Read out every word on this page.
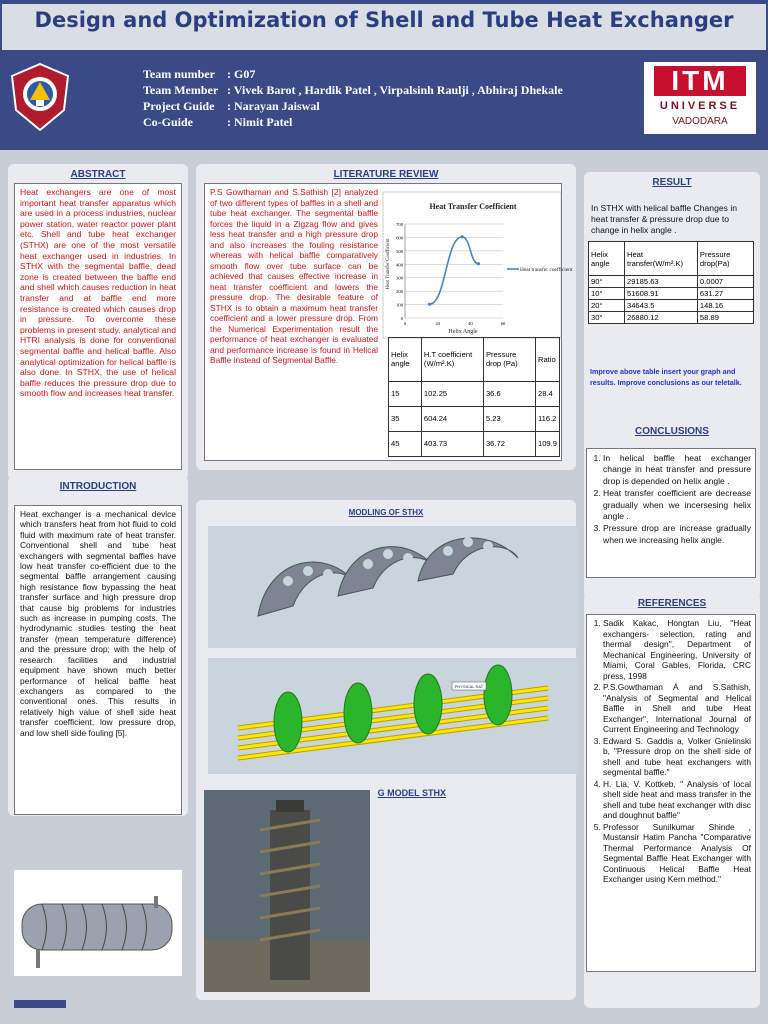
Design and Optimization of Shell and Tube Heat Exchanger
Team number : G07
Team Member : Vivek Barot , Hardik Patel , Virpalsinh Raulji , Abhiraj Dhekale
Project Guide : Narayan Jaiswal
Co-Guide	: Nimit Patel
ITM
UNIVERSE
VADODARA
ABSTRACT
Heat exchangers are one of most important heat transfer apparatus which are used in a process industries, nuclear power station, water reactor power plant etc. Shell and tube heat exchanger (STHX) are one of the most versatile heat exchanger used in industries. In STHX with the segmental baffle, dead zone is created between the baffle end and shell which causes reduction in heat transfer and at baffle end more resistance is created which causes drop in pressure. To overcome these problems in present study, analytical and HTRI analysis is done for conventional segmental baffle and helical baffle. Also analytical optimization for helical baffle is also done. In STHX, the use of helical baffle reduces the pressure drop due to smooth flow and increases heat transfer.
INTRODUCTION
Heat exchanger is a mechanical device which transfers heat from hot fluid to cold fluid with maximum rate of heat transfer. Conventional shell and tube heat exchangers with segmental baffles have low heat transfer co-efficient due to the segmental baffle arrangement causing high resistance flow bypassing the heat transfer surface and high pressure drop that cause big problems for industries such as increase in pumping costs. The hydrodynamic studies testing the heat transfer (mean temperature difference) and the pressure drop; with the help of research facilities and industrial equipment have shown much better performance of helical baffle heat exchangers as compared to the conventional ones. This results in relatively high value of shell side heat transfer coefficient, low pressure drop, and low shell side fouling [5].
LITERATURE REVIEW
P.S Gowthaman and S.Sathish [2] analyzed of two different types of baffles in a shell and tube heat exchanger. The segmental baffle forces the liquid in a Zigzag flow and gives less heat transfer and a high pressure drop and also increases the fouling resistance whereas with helical baffle comparatively smooth flow over tube surface can be achieved that causes effective increase in heat transfer coefficient and lowers the pressure drop. The desirable feature of STHX is to obtain a maximum heat transfer coefficient and a lower pressure drop. From the Numerical Experimentation result the performance of heat exchanger is evaluated and performance increase is found in Helical Baffle instead of Segmental Baffle.
Heat Transfer Coefficient
0
100
200
300
400
500
600
700
0	20	40	60
Heat transfer coefficient
Helix Angle
Heat Transfer Coefficient
Helix angle	H.T coefficient (W/m².K)	Pressure drop (Pa)	Ratio
15	102.25	36.6	28.4
35	604.24	5.23	116.2
45	403.73	36.72	109.9
MODLING OF STHX
PHYSICAL RAT
G MODEL STHX
RESULT
In STHX with helical baffle Changes in heat transfer & pressure drop due to change in helix angle .
Helix angle	Heat transfer(W/m².K)	Pressure drop(Pa)
90°	29185.63	0.0007
10°	51608.91	631.27
20°	34643.5	148.16
30°	26880.12	58.89
Improve above table insert your graph and results. Improve conclusions as our teletalk.
CONCLUSIONS
1. In helical baffle heat exchanger change in heat transfer and pressure drop is depended on helix angle .
2. Heat transfer coefficient are decrease gradually when we incersesing helix angle .
3. Pressure drop are increase gradually when we increasing helix angle.
REFERENCES
1. Sadik Kakac, Hongtan Liu, "Heat exchangers- selection, rating and thermal design", Department of Mechanical Engineering, University of Miami, Coral Gables, Florida, CRC press, 1998
2. P.S.Gowthaman Á and S.Sathish, "Analysis of Segmental and Helical Baffle in Shell and tube Heat Exchanger", International Journal of Current Engineering and Technology
3. Edward S. Gaddis a, Volker Gnielinski b, "Pressure drop on the shell side of shell and tube heat exchangers with segmental baffle."
4. H. Lia, V. Kottkeb, " Analysis of local shell side heat and mass transfer in the shell and tube heat exchanger with disc and doughnut baffle"
5. Professor Sunilkumar Shinde , Mustansir Hatim Pancha "Comparative Thermal Performance Analysis Of Segmental Baffle Heat Exchanger with Continuous Helical Baffle Heat Exchanger using Kern method."
